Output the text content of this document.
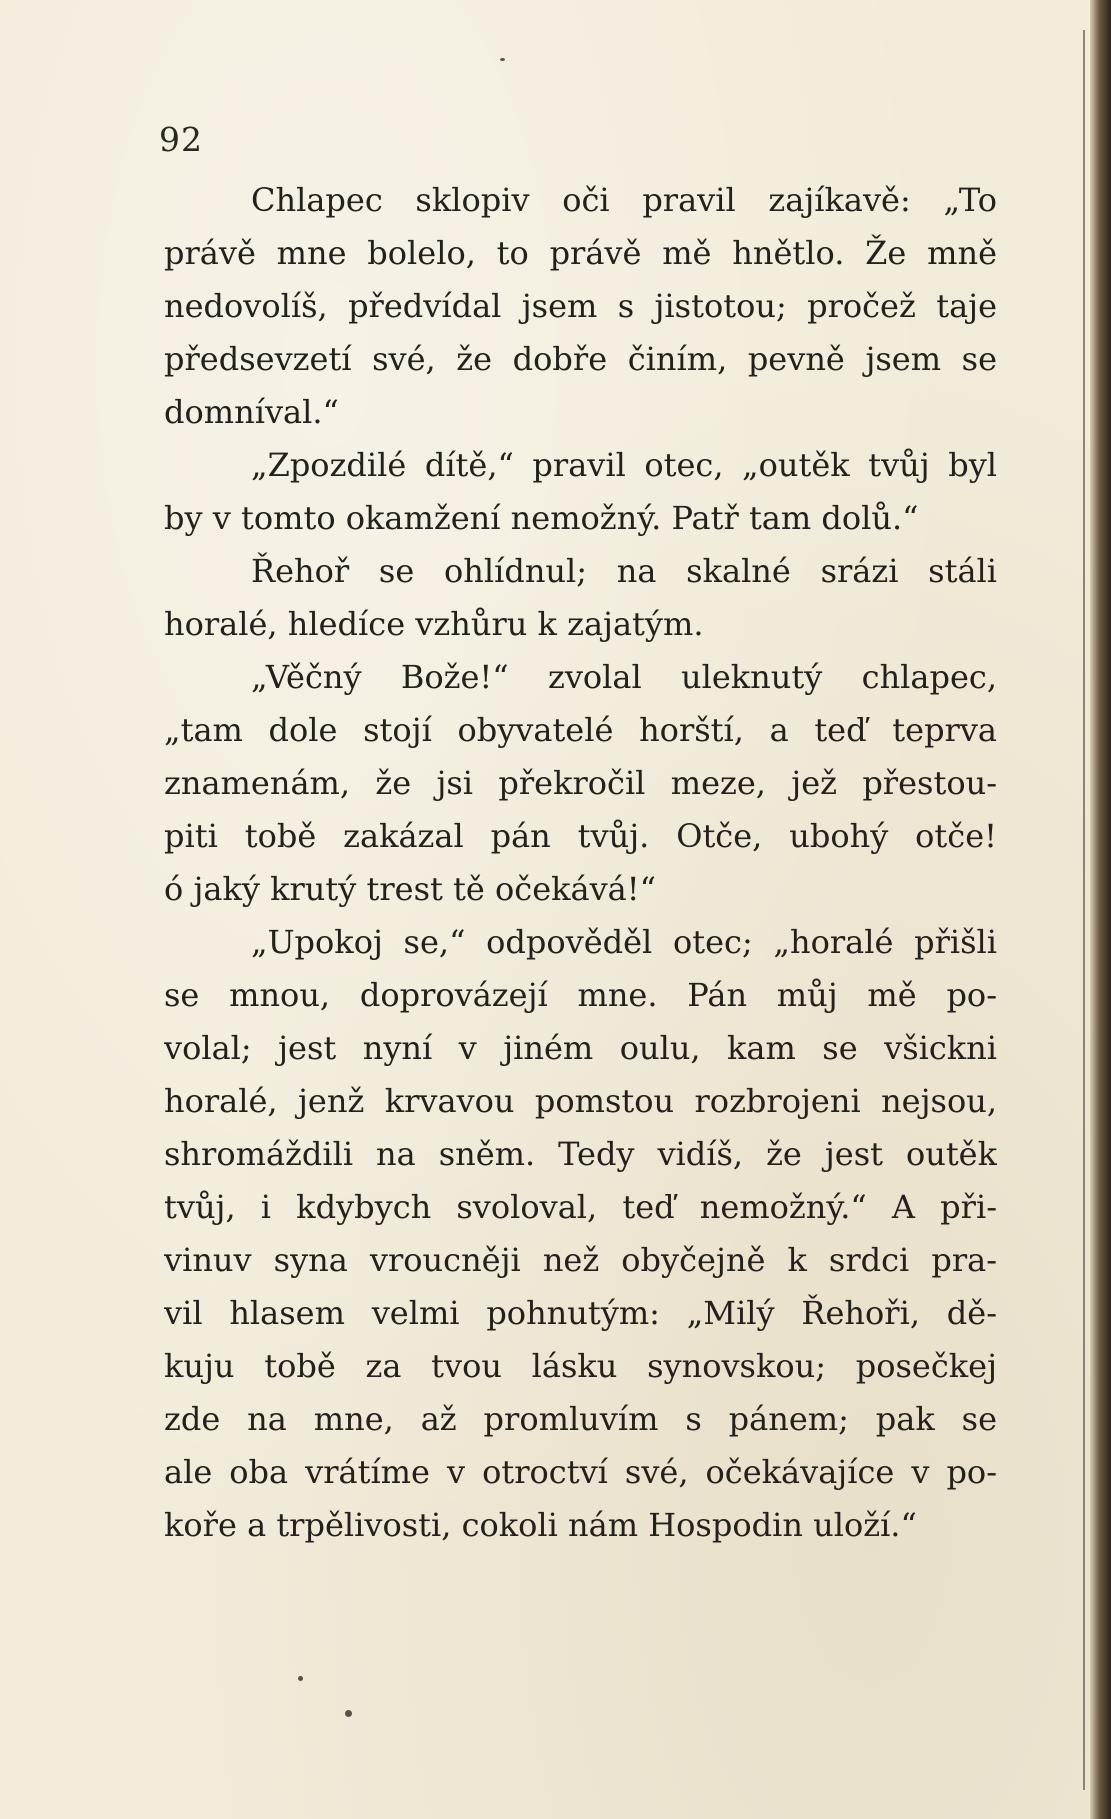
92
Chlapec sklopiv oči pravil zajíkavě: „To
právě mne bolelo, to právě mě hnětlo. Že mně
nedovolíš, předvídal jsem s jistotou; pročež taje
předsevzetí své, že dobře činím, pevně jsem se
domníval.“
„Zpozdilé dítě,“ pravil otec, „outěk tvůj byl
by v tomto okamžení nemožný. Patř tam dolů.“
Řehoř se ohlídnul; na skalné srázi stáli
horalé, hledíce vzhůru k zajatým.
„Věčný Bože!“ zvolal uleknutý chlapec,
„tam dole stojí obyvatelé horští, a teď teprva
znamenám, že jsi překročil meze, jež přestou-
piti tobě zakázal pán tvůj. Otče, ubohý otče!
ó jaký krutý trest tě očekává!“
„Upokoj se,“ odpověděl otec; „horalé přišli
se mnou, doprovázejí mne. Pán můj mě po-
volal; jest nyní v jiném oulu, kam se všickni
horalé, jenž krvavou pomstou rozbrojeni nejsou,
shromáždili na sněm. Tedy vidíš, že jest outěk
tvůj, i kdybych svoloval, teď nemožný.“ A při-
vinuv syna vroucněji než obyčejně k srdci pra-
vil hlasem velmi pohnutým: „Milý Řehoři, dě-
kuju tobě za tvou lásku synovskou; posečkej
zde na mne, až promluvím s pánem; pak se
ale oba vrátíme v otroctví své, očekávajíce v po-
koře a trpělivosti, cokoli nám Hospodin uloží.“
